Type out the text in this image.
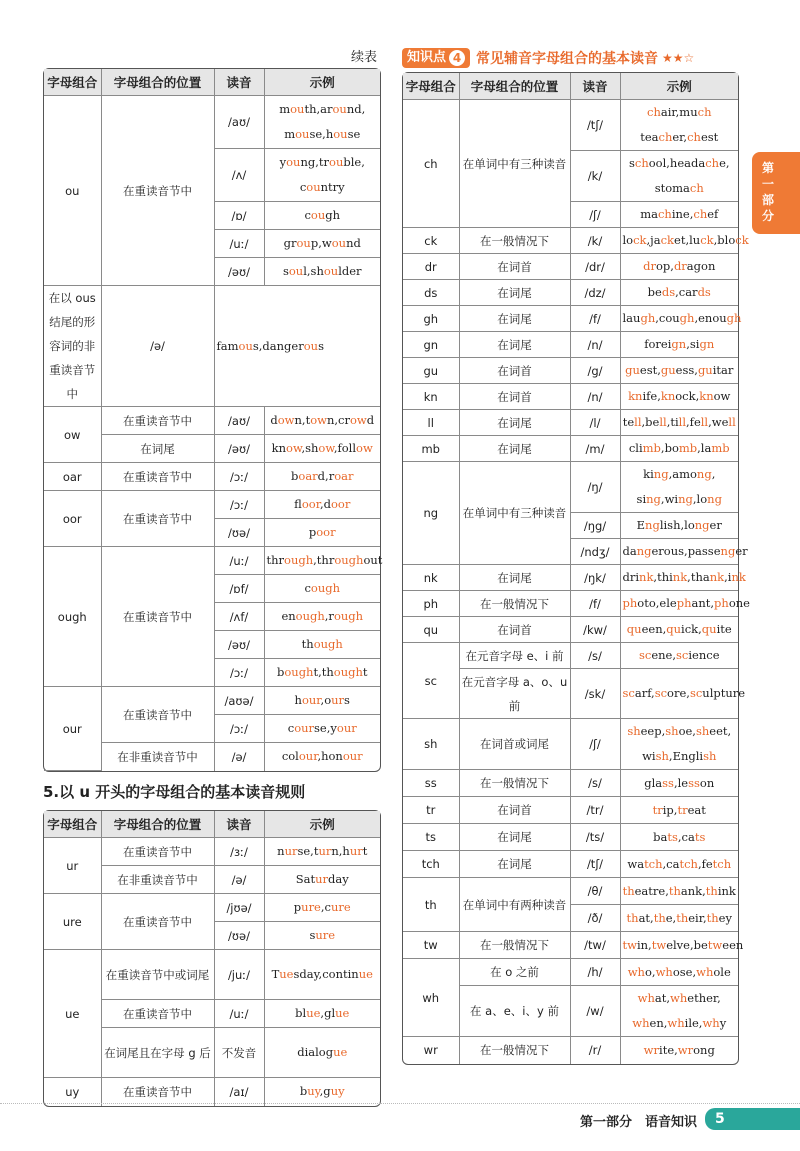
续表
字母组合	字母组合的位置	读音	示例
ou	在重读音节中	/aʊ/	mouth,around,
mouse,house
		/ʌ/	young,trouble,
country
		/ɒ/	cough
		/uː/	group,wound
		/əʊ/	soul,shoulder
在以 ous 结尾的形容词的非重读音节中	/ə/	famous,dangerous	
ow	在重读音节中	/aʊ/	down,town,crowd
	在词尾	/əʊ/	know,show,follow
oar	在重读音节中	/ɔː/	board,roar
oor	在重读音节中	/ɔː/	floor,door
		/ʊə/	poor
ough	在重读音节中	/uː/	through,throughout
		/ɒf/	cough
		/ʌf/	enough,rough
		/əʊ/	though
		/ɔː/	bought,thought
our	在重读音节中	/aʊə/	hour,ours
		/ɔː/	course,your
	在非重读音节中	/ə/	colour,honour
5.以 u 开头的字母组合的基本读音规则
字母组合	字母组合的位置	读音	示例
ur	在重读音节中	/ɜː/	nurse,turn,hurt
	在非重读音节中	/ə/	Saturday
ure	在重读音节中	/jʊə/	pure,cure
		/ʊə/	sure
ue	在重读音节中或词尾	/juː/	Tuesday,continue
	在重读音节中	/uː/	blue,glue
	在词尾且在字母 g 后	不发音	dialogue
uy	在重读音节中	/aɪ/	buy,guy
知识点 4 常见辅音字母组合的基本读音 ★★☆
字母组合	字母组合的位置	读音	示例
ch	在单词中有三种读音	/tʃ/	chair,much
teacher,chest
		/k/	school,headache,
stomach
		/ʃ/	machine,chef
ck	在一般情况下	/k/	lock,jacket,luck,block
dr	在词首	/dr/	drop,dragon
ds	在词尾	/dz/	beds,cards
gh	在词尾	/f/	laugh,cough,enough
gn	在词尾	/n/	foreign,sign
gu	在词首	/g/	guest,guess,guitar
kn	在词首	/n/	knife,knock,know
ll	在词尾	/l/	tell,bell,till,fell,well
mb	在词尾	/m/	climb,bomb,lamb
ng	在单词中有三种读音	/ŋ/	king,among,
sing,wing,long
		/ŋg/	English,longer
		/ndʒ/	dangerous,passenger
nk	在词尾	/ŋk/	drink,think,thank,ink
ph	在一般情况下	/f/	photo,elephant,phone
qu	在词首	/kw/	queen,quick,quite
sc	在元音字母 e、i 前	/s/	scene,science
	在元音字母 a、o、u 前	/sk/	scarf,score,sculpture
sh	在词首或词尾	/ʃ/	sheep,shoe,sheet,
wish,English
ss	在一般情况下	/s/	glass,lesson
tr	在词首	/tr/	trip,treat
ts	在词尾	/ts/	bats,cats
tch	在词尾	/tʃ/	watch,catch,fetch
th	在单词中有两种读音	/θ/	theatre,thank,think
		/ð/	that,the,their,they
tw	在一般情况下	/tw/	twin,twelve,between
wh	在 o 之前	/h/	who,whose,whole
	在 a、e、i、y 前	/w/	what,whether,
when,while,why
wr	在一般情况下	/r/	write,wrong
第一部分
第一部分　语音知识 5
